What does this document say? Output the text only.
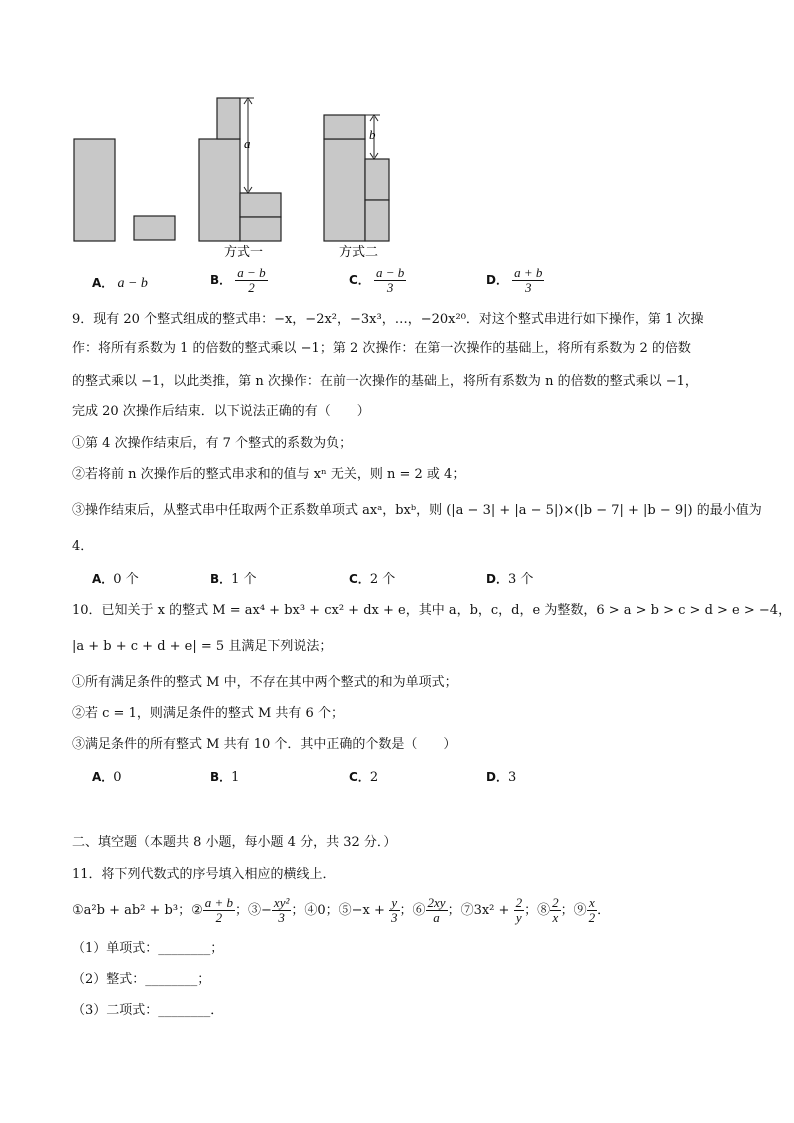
a
b
方式一	方式二
A． a − b	B． $\frac{a - b}{2}$	C． $\frac{a - b}{3}$	D． $\frac{a + b}{3}$
9．现有 20 个整式组成的整式串：−x，−2x²，−3x³，…，−20x²⁰．对这个整式串进行如下操作，第 1 次操
作：将所有系数为 1 的倍数的整式乘以 −1；第 2 次操作：在第一次操作的基础上，将所有系数为 2 的倍数
的整式乘以 −1，以此类推，第 n 次操作：在前一次操作的基础上，将所有系数为 n 的倍数的整式乘以 −1，
完成 20 次操作后结束．以下说法正确的有（　　）
①第 4 次操作结束后，有 7 个整式的系数为负；
②若将前 n 次操作后的整式串求和的值与 xⁿ 无关，则 n = 2 或 4；
③操作结束后，从整式串中任取两个正系数单项式 axᵃ，bxᵇ，则 (|a − 3| + |a − 5|)×(|b − 7| + |b − 9|) 的最小值为
4．
A．0 个	B．1 个	C．2 个	D．3 个
10．已知关于 x 的整式 M = ax⁴ + bx³ + cx² + dx + e，其中 a，b，c，d，e 为整数，6 > a > b > c > d > e > −4，
|a + b + c + d + e| = 5 且满足下列说法；
①所有满足条件的整式 M 中，不存在其中两个整式的和为单项式；
②若 c = 1，则满足条件的整式 M 共有 6 个；
③满足条件的所有整式 M 共有 10 个．其中正确的个数是（　　）
A．0	B．1	C．2	D．3
二、填空题（本题共 8 小题，每小题 4 分，共 32 分．）
11．将下列代数式的序号填入相应的横线上．
①a²b + ab² + b³；② $\frac{a + b}{2}$ ；③− $\frac{\text{xy²}}{3}$ ；④0；⑤−x + $\frac{y}{3}$ ；⑥ $\frac{2xy}{a}$ ；⑦3x² + $\frac{2}{y}$ ；⑧ $\frac{2}{x}$ ；⑨ $\frac{x}{2}$ ．
（1）单项式：________；
（2）整式：________；
（3）二项式：________．
